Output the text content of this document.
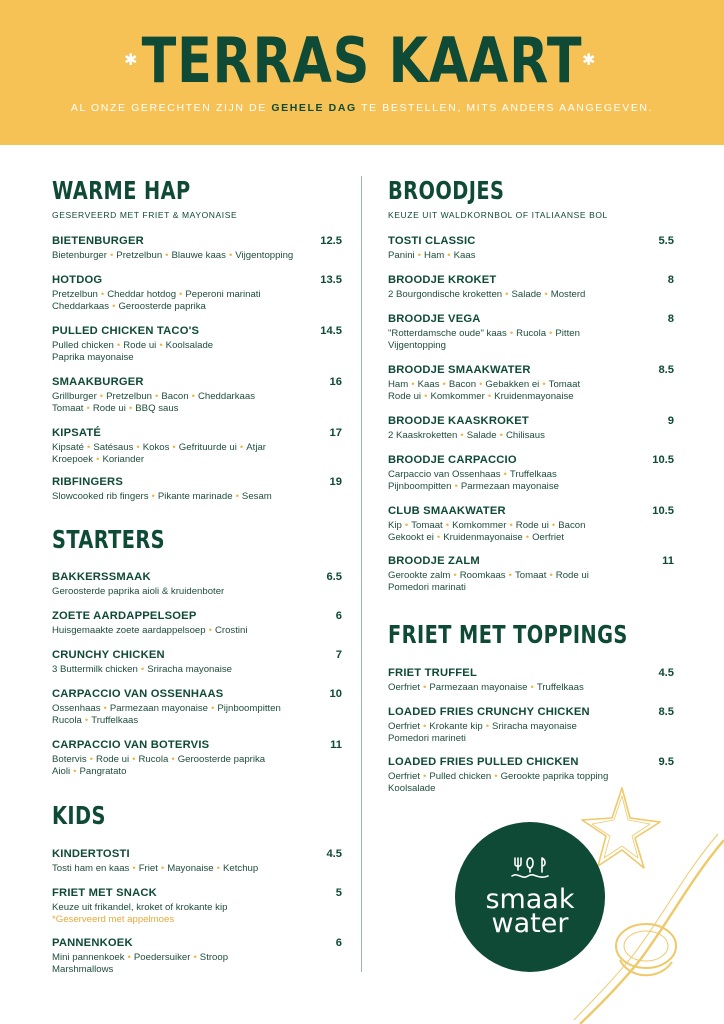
✱	✱
TERRAS KAART
AL ONZE GERECHTEN ZIJN DE GEHELE DAG TE BESTELLEN, MITS ANDERS AANGEGEVEN.
WARME HAP
GESERVEERD MET FRIET & MAYONAISE
STARTERS
KIDS
BIETENBURGER	12.5
Bietenburger • Pretzelbun • Blauwe kaas • Vijgentopping
HOTDOG	13.5
Pretzelbun • Cheddar hotdog • Peperoni marinati
Cheddarkaas • Geroosterde paprika
PULLED CHICKEN TACO'S	14.5
Pulled chicken • Rode ui • Koolsalade
Paprika mayonaise
SMAAKBURGER	16
Grillburger • Pretzelbun • Bacon • Cheddarkaas
Tomaat • Rode ui • BBQ saus
KIPSATÉ	17
Kipsaté • Satésaus • Kokos • Gefrituurde ui • Atjar
Kroepoek • Koriander
RIBFINGERS	19
Slowcooked rib fingers • Pikante marinade • Sesam
BAKKERSSMAAK	6.5
Geroosterde paprika aioli & kruidenboter
ZOETE AARDAPPELSOEP	6
Huisgemaakte zoete aardappelsoep • Crostini
CRUNCHY CHICKEN	7
3 Buttermilk chicken • Sriracha mayonaise
CARPACCIO VAN OSSENHAAS	10
Ossenhaas • Parmezaan mayonaise • Pijnboompitten
Rucola • Truffelkaas
CARPACCIO VAN BOTERVIS	11
Botervis • Rode ui • Rucola • Geroosterde paprika
Aioli • Pangratato
KINDERTOSTI	4.5
Tosti ham en kaas • Friet • Mayonaise • Ketchup
FRIET MET SNACK	5
Keuze uit frikandel, kroket of krokante kip
*Geserveerd met appelmoes
PANNENKOEK	6
Mini pannenkoek • Poedersuiker • Stroop
Marshmallows
BROODJES
KEUZE UIT WALDKORNBOL OF ITALIAANSE BOL
FRIET MET TOPPINGS
TOSTI CLASSIC	5.5
Panini • Ham • Kaas
BROODJE KROKET	8
2 Bourgondische kroketten • Salade • Mosterd
BROODJE VEGA	8
"Rotterdamsche oude" kaas • Rucola • Pitten
Vijgentopping
BROODJE SMAAKWATER	8.5
Ham • Kaas • Bacon • Gebakken ei • Tomaat
Rode ui • Komkommer • Kruidenmayonaise
BROODJE KAASKROKET	9
2 Kaaskroketten • Salade • Chilisaus
BROODJE CARPACCIO	10.5
Carpaccio van Ossenhaas • Truffelkaas
Pijnboompitten • Parmezaan mayonaise
CLUB SMAAKWATER	10.5
Kip • Tomaat • Komkommer • Rode ui • Bacon
Gekookt ei • Kruidenmayonaise • Oerfriet
BROODJE ZALM	11
Gerookte zalm • Roomkaas • Tomaat • Rode ui
Pomedori marinati
FRIET TRUFFEL	4.5
Oerfriet • Parmezaan mayonaise • Truffelkaas
LOADED FRIES CRUNCHY CHICKEN	8.5
Oerfriet • Krokante kip • Sriracha mayonaise
Pomedori marineti
LOADED FRIES PULLED CHICKEN	9.5
Oerfriet • Pulled chicken • Gerookte paprika topping
Koolsalade
smaak
water
